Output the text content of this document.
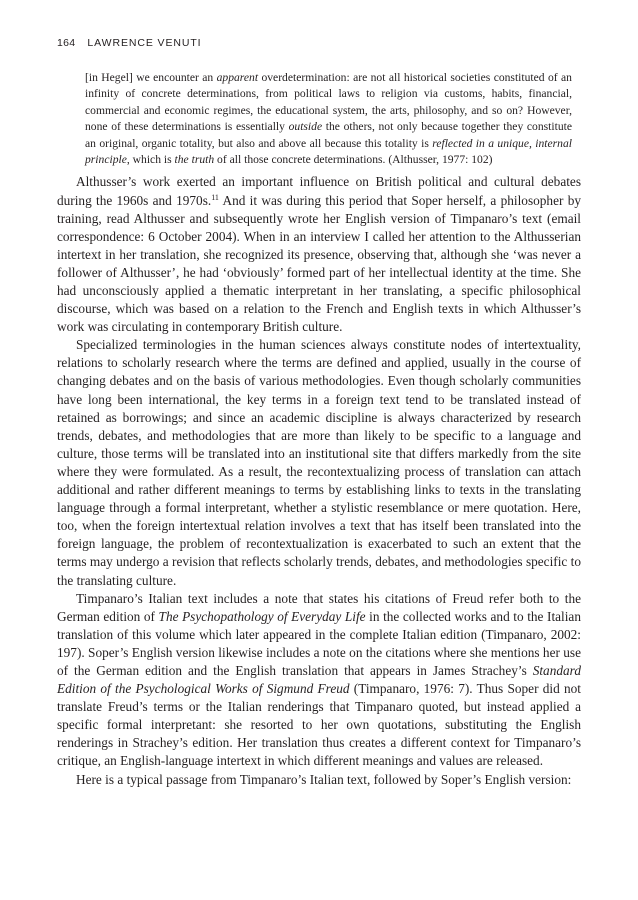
164 LAWRENCE VENUTI
[in Hegel] we encounter an apparent overdetermination: are not all historical societies constituted of an infinity of concrete determinations, from political laws to religion via customs, habits, financial, commercial and economic regimes, the educational system, the arts, philosophy, and so on? However, none of these determinations is essentially outside the others, not only because together they constitute an original, organic totality, but also and above all because this totality is reflected in a unique, internal principle, which is the truth of all those concrete determinations. (Althusser, 1977: 102)

Althusser’s work exerted an important influence on British political and cultural debates during the 1960s and 1970s.$^{11}$ And it was during this period that Soper herself, a philosopher by training, read Althusser and subsequently wrote her English version of Timpanaro’s text (email correspondence: 6 October 2004). When in an interview I called her attention to the Althusserian intertext in her translation, she recognized its presence, observing that, although she ‘was never a follower of Althusser’, he had ‘obviously’ formed part of her intellectual identity at the time. She had unconsciously applied a thematic interpretant in her translating, a specific philosophical discourse, which was based on a relation to the French and English texts in which Althusser’s work was circulating in contemporary British culture.

Specialized terminologies in the human sciences always constitute nodes of intertextuality, relations to scholarly research where the terms are defined and applied, usually in the course of changing debates and on the basis of various methodologies. Even though scholarly communities have long been international, the key terms in a foreign text tend to be translated instead of retained as borrowings; and since an academic discipline is always characterized by research trends, debates, and methodologies that are more than likely to be specific to a language and culture, those terms will be translated into an institutional site that differs markedly from the site where they were formulated. As a result, the recontextualizing process of translation can attach additional and rather different meanings to terms by establishing links to texts in the translating language through a formal interpretant, whether a stylistic resemblance or mere quotation. Here, too, when the foreign intertextual relation involves a text that has itself been translated into the foreign language, the problem of recontextualization is exacerbated to such an extent that the terms may undergo a revision that reflects scholarly trends, debates, and methodologies specific to the translating culture.

Timpanaro’s Italian text includes a note that states his citations of Freud refer both to the German edition of The Psychopathology of Everyday Life in the collected works and to the Italian translation of this volume which later appeared in the complete Italian edition (Timpanaro, 2002: 197). Soper’s English version likewise includes a note on the citations where she mentions her use of the German edition and the English translation that appears in James Strachey’s Standard Edition of the Psychological Works of Sigmund Freud (Timpanaro, 1976: 7). Thus Soper did not translate Freud’s terms or the Italian renderings that Timpanaro quoted, but instead applied a specific formal interpretant: she resorted to her own quotations, substituting the English renderings in Strachey’s edition. Her translation thus creates a different context for Timpanaro’s critique, an English-language intertext in which different meanings and values are released.

Here is a typical passage from Timpanaro’s Italian text, followed by Soper’s English version:
